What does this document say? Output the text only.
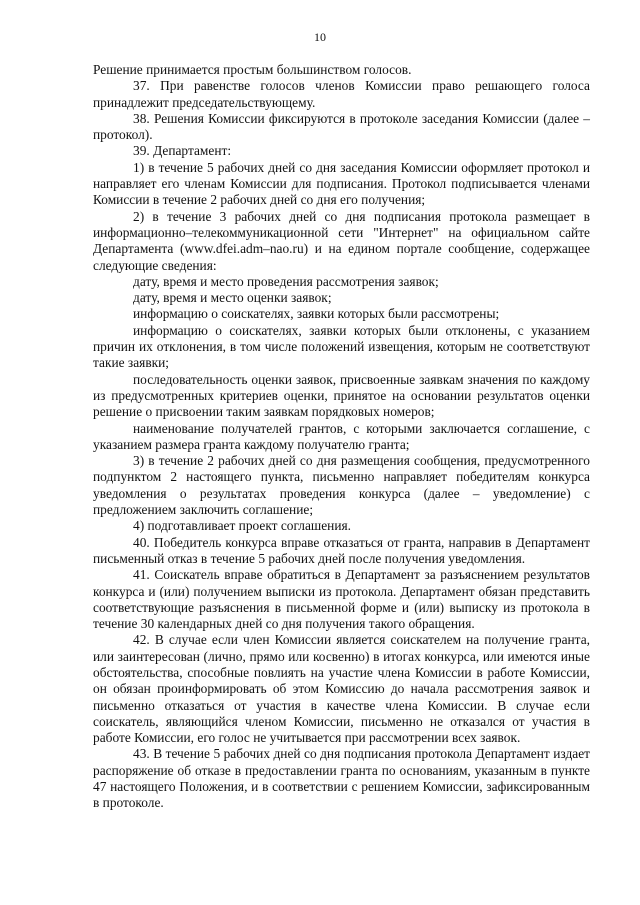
10

Решение принимается простым большинством голосов.

37. При равенстве голосов членов Комиссии право решающего голоса принадлежит председательствующему.

38. Решения Комиссии фиксируются в протоколе заседания Комиссии (далее – протокол).

39. Департамент:

1) в течение 5 рабочих дней со дня заседания Комиссии оформляет протокол и направляет его членам Комиссии для подписания. Протокол подписывается членами Комиссии в течение 2 рабочих дней со дня его получения;

2) в течение 3 рабочих дней со дня подписания протокола размещает в информационно–телекоммуникационной сети "Интернет" на официальном сайте Департамента (www.dfei.adm–nao.ru) и на едином портале сообщение, содержащее следующие сведения:

дату, время и место проведения рассмотрения заявок;

дату, время и место оценки заявок;

информацию о соискателях, заявки которых были рассмотрены;

информацию о соискателях, заявки которых были отклонены, с указанием причин их отклонения, в том числе положений извещения, которым не соответствуют такие заявки;

последовательность оценки заявок, присвоенные заявкам значения по каждому из предусмотренных критериев оценки, принятое на основании результатов оценки решение о присвоении таким заявкам порядковых номеров;

наименование получателей грантов, с которыми заключается соглашение, с указанием размера гранта каждому получателю гранта;

3) в течение 2 рабочих дней со дня размещения сообщения, предусмотренного подпунктом 2 настоящего пункта, письменно направляет победителям конкурса уведомления о результатах проведения конкурса (далее – уведомление) с предложением заключить соглашение;

4) подготавливает проект соглашения.

40. Победитель конкурса вправе отказаться от гранта, направив в Департамент письменный отказ в течение 5 рабочих дней после получения уведомления.

41. Соискатель вправе обратиться в Департамент за разъяснением результатов конкурса и (или) получением выписки из протокола. Департамент обязан представить соответствующие разъяснения в письменной форме и (или) выписку из протокола в течение 30 календарных дней со дня получения такого обращения.

42. В случае если член Комиссии является соискателем на получение гранта, или заинтересован (лично, прямо или косвенно) в итогах конкурса, или имеются иные обстоятельства, способные повлиять на участие члена Комиссии в работе Комиссии, он обязан проинформировать об этом Комиссию до начала рассмотрения заявок и письменно отказаться от участия в качестве члена Комиссии. В случае если соискатель, являющийся членом Комиссии, письменно не отказался от участия в работе Комиссии, его голос не учитывается при рассмотрении всех заявок.

43. В течение 5 рабочих дней со дня подписания протокола Департамент издает распоряжение об отказе в предоставлении гранта по основаниям, указанным в пункте 47 настоящего Положения, и в соответствии с решением Комиссии, зафиксированным в протоколе.
